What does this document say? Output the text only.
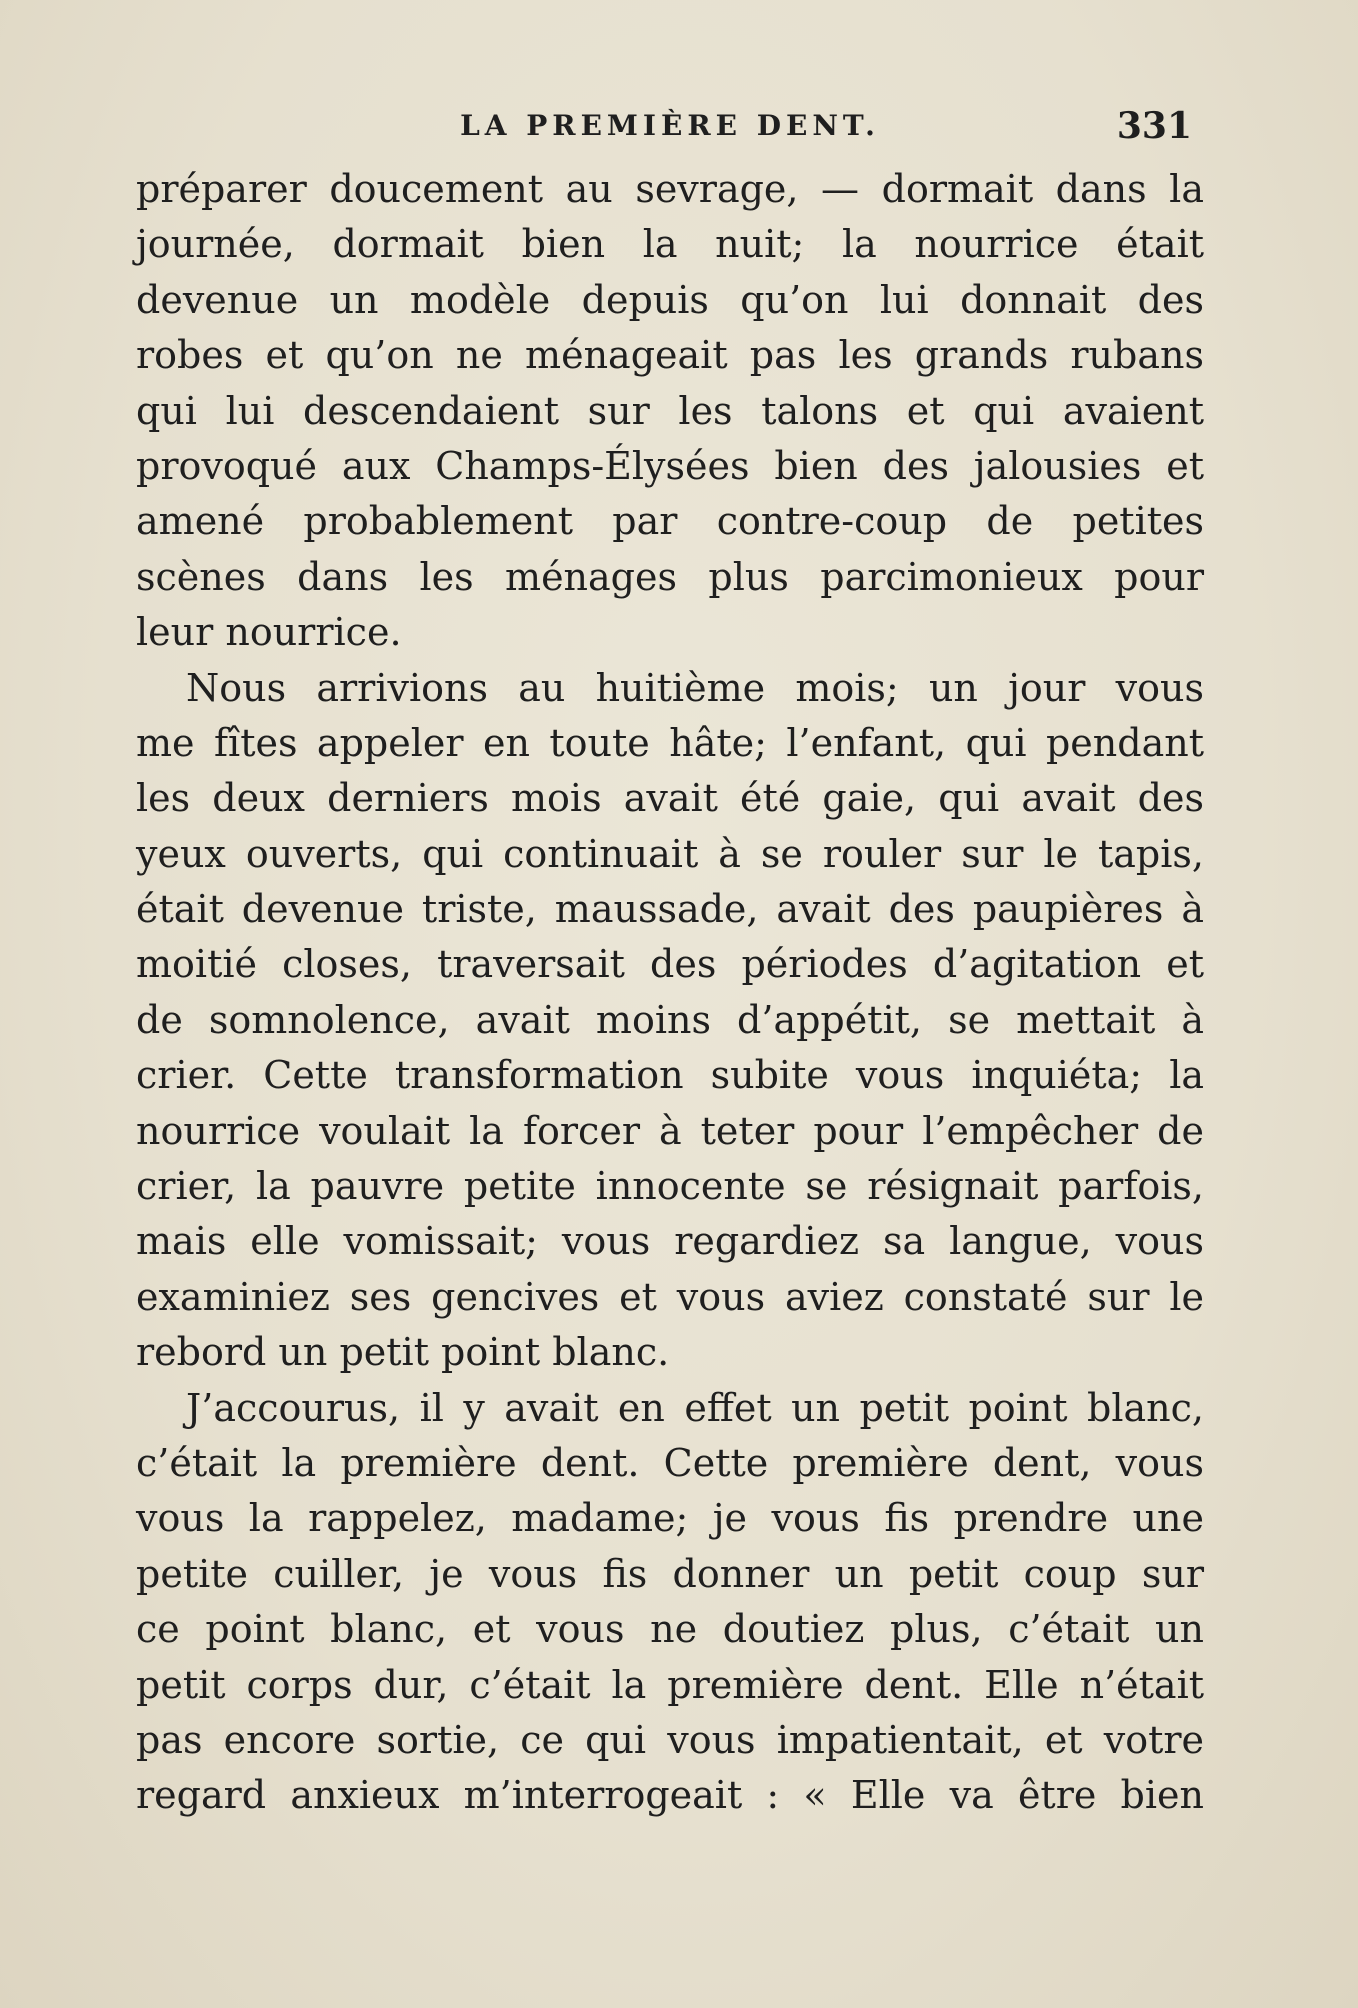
LA PREMIÈRE DENT.	331
préparer doucement au sevrage, — dormait dans la
journée, dormait bien la nuit; la nourrice était
devenue un modèle depuis qu’on lui donnait des
robes et qu’on ne ménageait pas les grands rubans
qui lui descendaient sur les talons et qui avaient
provoqué aux Champs-Élysées bien des jalousies et
amené probablement par contre-coup de petites
scènes dans les ménages plus parcimonieux pour
leur nourrice.
Nous arrivions au huitième mois; un jour vous
me fîtes appeler en toute hâte; l’enfant, qui pendant
les deux derniers mois avait été gaie, qui avait des
yeux ouverts, qui continuait à se rouler sur le tapis,
était devenue triste, maussade, avait des paupières à
moitié closes, traversait des périodes d’agitation et
de somnolence, avait moins d’appétit, se mettait à
crier. Cette transformation subite vous inquiéta; la
nourrice voulait la forcer à teter pour l’empêcher de
crier, la pauvre petite innocente se résignait parfois,
mais elle vomissait; vous regardiez sa langue, vous
examiniez ses gencives et vous aviez constaté sur le
rebord un petit point blanc.
J’accourus, il y avait en effet un petit point blanc,
c’était la première dent. Cette première dent, vous
vous la rappelez, madame; je vous fis prendre une
petite cuiller, je vous fis donner un petit coup sur
ce point blanc, et vous ne doutiez plus, c’était un
petit corps dur, c’était la première dent. Elle n’était
pas encore sortie, ce qui vous impatientait, et votre
regard anxieux m’interrogeait : « Elle va être bien
